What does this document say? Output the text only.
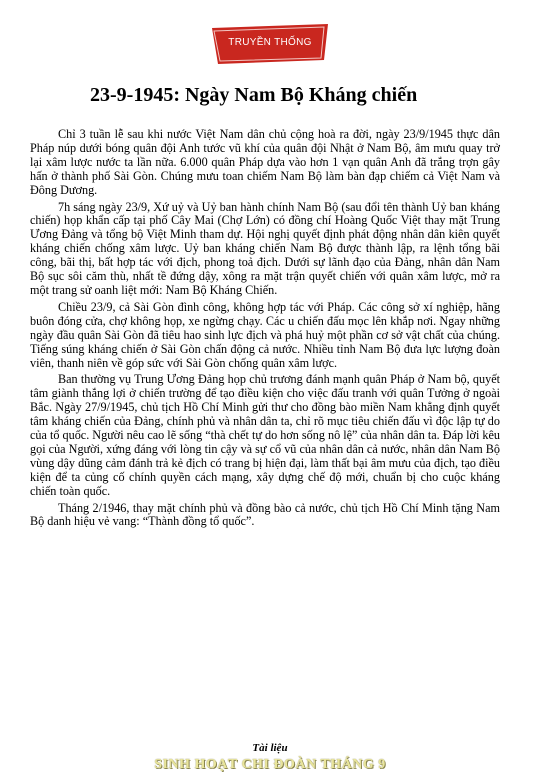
TRUYỀN THỐNG
23-9-1945: Ngày Nam Bộ Kháng chiến

Chỉ 3 tuần lễ sau khi nước Việt Nam dân chủ cộng hoà ra đời, ngày 23/9/1945 thực dân Pháp núp dưới bóng quân đội Anh tước vũ khí của quân đội Nhật ở Nam Bộ, âm mưu quay trở lại xâm lược nước ta lần nữa. 6.000 quân Pháp dựa vào hơn 1 vạn quân Anh đã trắng trợn gây hấn ở thành phố Sài Gòn. Chúng mưu toan chiếm Nam Bộ làm bàn đạp chiếm cả Việt Nam và Đông Dương.

7h sáng ngày 23/9, Xứ uỷ và Uỷ ban hành chính Nam Bộ (sau đổi tên thành Uỷ ban kháng chiến) họp khẩn cấp tại phố Cây Mai (Chợ Lớn) có đồng chí Hoàng Quốc Việt thay mặt Trung Ương Đảng và tổng bộ Việt Minh tham dự. Hội nghị quyết định phát động nhân dân kiên quyết kháng chiến chống xâm lược. Uỷ ban kháng chiến Nam Bộ được thành lập, ra lệnh tổng bãi công, bãi thị, bất hợp tác với địch, phong toả địch. Dưới sự lãnh đạo của Đảng, nhân dân Nam Bộ sục sôi căm thù, nhất tề đứng dậy, xông ra mặt trận quyết chiến với quân xâm lược, mở ra một trang sử oanh liệt mới: Nam Bộ Kháng Chiến.

Chiều 23/9, cả Sài Gòn đình công, không hợp tác với Pháp. Các công sở xí nghiệp, hãng buôn đóng cửa, chợ không họp, xe ngừng chạy. Các u chiến đấu mọc lên khắp nơi. Ngay những ngày đầu quân Sài Gòn đã tiêu hao sinh lực địch và phá huỷ một phần cơ sở vật chất của chúng. Tiếng súng kháng chiến ở Sài Gòn chấn động cả nước. Nhiều tỉnh Nam Bộ đưa lực lượng đoàn viên, thanh niên về góp sức với Sài Gòn chống quân xâm lược.

Ban thường vụ Trung Ương Đảng họp chủ trương đánh mạnh quân Pháp ở Nam bộ, quyết tâm giành thắng lợi ở chiến trường để tạo điều kiện cho việc đấu tranh với quân Tưởng ở ngoài Bắc. Ngày 27/9/1945, chủ tịch Hồ Chí Minh gửi thư cho đồng bào miền Nam khẳng định quyết tâm kháng chiến của Đảng, chính phủ và nhân dân ta, chỉ rõ mục tiêu chiến đấu vì độc lập tự do của tổ quốc. Người nêu cao lẽ sống “thà chết tự do hơn sống nô lệ” của nhân dân ta. Đáp lời kêu gọi của Người, xứng đáng với lòng tin cậy và sự cổ vũ của nhân dân cả nước, nhân dân Nam Bộ vùng dậy dũng cảm đánh trả kẻ địch có trang bị hiện đại, làm thất bại âm mưu của địch, tạo điều kiện để ta củng cố chính quyền cách mạng, xây dựng chế độ mới, chuẩn bị cho cuộc kháng chiến toàn quốc.

Tháng 2/1946, thay mặt chính phủ và đồng bào cả nước, chủ tịch Hồ Chí Minh tặng Nam Bộ danh hiệu vẻ vang: “Thành đồng tổ quốc”.

Tài liệu
SINH HOẠT CHI ĐOÀN THÁNG 9
